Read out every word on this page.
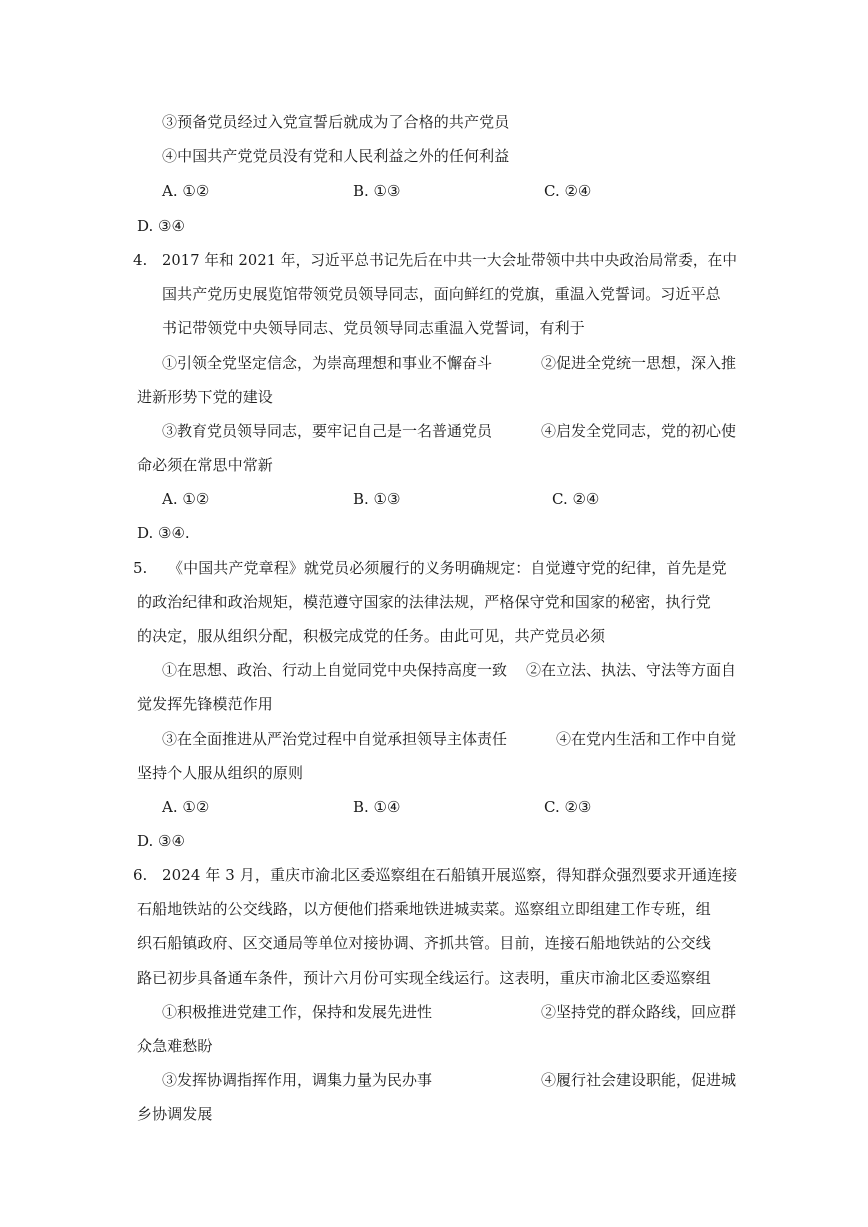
③预备党员经过入党宣誓后就成为了合格的共产党员
④中国共产党党员没有党和人民利益之外的任何利益
A. ①②	B. ①③	C. ②④
D. ③④
4. 2017 年和 2021 年，习近平总书记先后在中共一大会址带领中共中央政治局常委，在中
国共产党历史展览馆带领党员领导同志，面向鲜红的党旗，重温入党誓词。习近平总
书记带领党中央领导同志、党员领导同志重温入党誓词，有利于
①引领全党坚定信念，为崇高理想和事业不懈奋斗	②促进全党统一思想，深入推
进新形势下党的建设
③教育党员领导同志，要牢记自己是一名普通党员	④启发全党同志，党的初心使
命必须在常思中常新
A. ①②	B. ①③	C. ②④
D. ③④.
5. 《中国共产党章程》就党员必须履行的义务明确规定：自觉遵守党的纪律，首先是党
的政治纪律和政治规矩，模范遵守国家的法律法规，严格保守党和国家的秘密，执行党
的决定，服从组织分配，积极完成党的任务。由此可见，共产党员必须
①在思想、政治、行动上自觉同党中央保持高度一致 ②在立法、执法、守法等方面自
觉发挥先锋模范作用
③在全面推进从严治党过程中自觉承担领导主体责任	④在党内生活和工作中自觉
坚持个人服从组织的原则
A. ①②	B. ①④	C. ②③
D. ③④
6. 2024 年 3 月，重庆市渝北区委巡察组在石船镇开展巡察，得知群众强烈要求开通连接
石船地铁站的公交线路，以方便他们搭乘地铁进城卖菜。巡察组立即组建工作专班，组
织石船镇政府、区交通局等单位对接协调、齐抓共管。目前，连接石船地铁站的公交线
路已初步具备通车条件，预计六月份可实现全线运行。这表明，重庆市渝北区委巡察组
①积极推进党建工作，保持和发展先进性	②坚持党的群众路线，回应群
众急难愁盼
③发挥协调指挥作用，调集力量为民办事	④履行社会建设职能，促进城
乡协调发展
